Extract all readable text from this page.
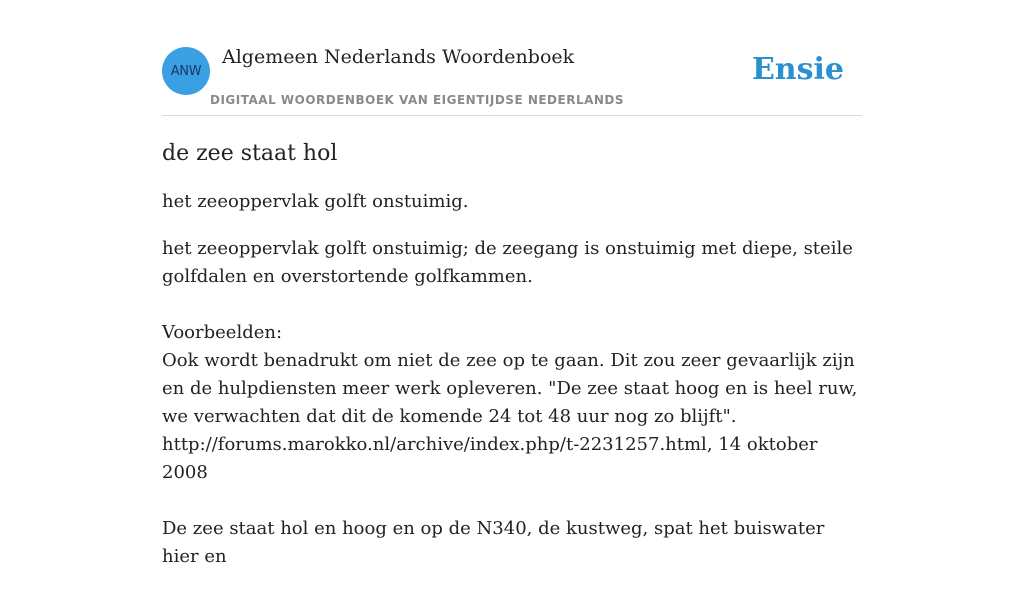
ANW
Algemeen Nederlands Woordenboek
DIGITAAL WOORDENBOEK VAN EIGENTIJDSE NEDERLANDS
Ensie
de zee staat hol

het zeeoppervlak golft onstuimig.

het zeeoppervlak golft onstuimig; de zeegang is onstuimig met diepe, steile golfdalen en overstortende golfkammen.

Voorbeelden:

Ook wordt benadrukt om niet de zee op te gaan. Dit zou zeer gevaarlijk zijn en de hulpdiensten meer werk opleveren. "De zee staat hoog en is heel ruw, we verwachten dat dit de komende 24 tot 48 uur nog zo blijft". http://forums.marokko.nl/archive/index.php/t-2231257.html, 14 oktober 2008

De zee staat hol en hoog en op de N340, de kustweg, spat het buiswater hier en
